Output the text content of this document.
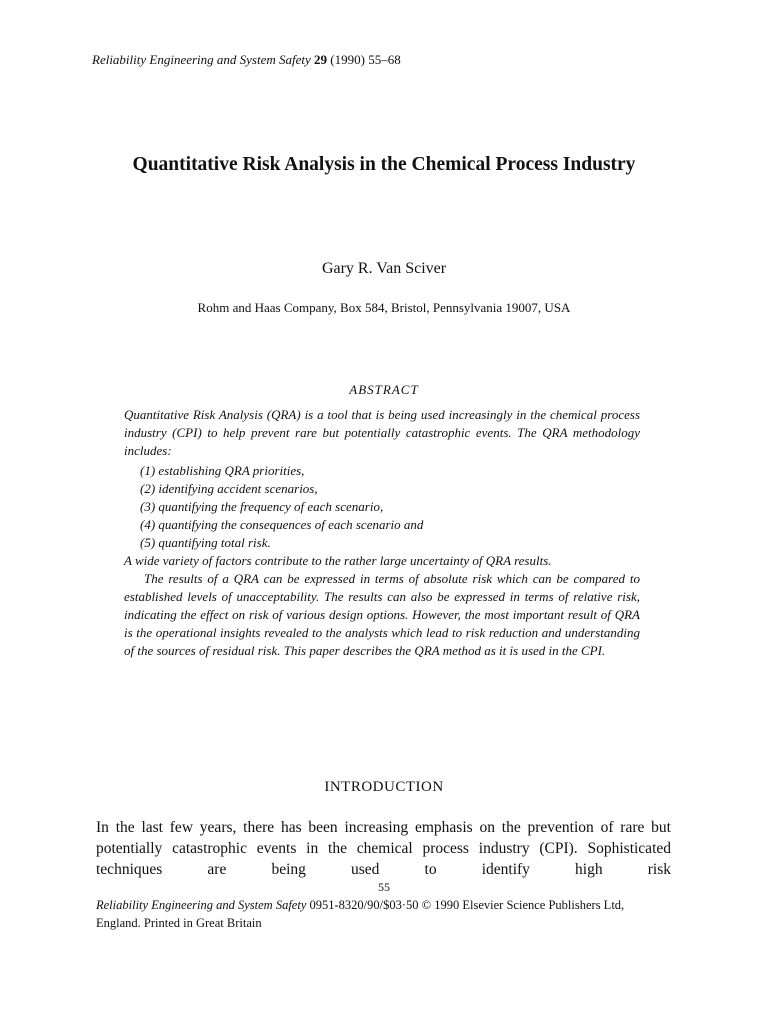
Reliability Engineering and System Safety 29 (1990) 55–68
Quantitative Risk Analysis in the Chemical Process Industry
Gary R. Van Sciver
Rohm and Haas Company, Box 584, Bristol, Pennsylvania 19007, USA
ABSTRACT

Quantitative Risk Analysis (QRA) is a tool that is being used increasingly in the chemical process industry (CPI) to help prevent rare but potentially catastrophic events. The QRA methodology includes:

(1) establishing QRA priorities,
(2) identifying accident scenarios,
(3) quantifying the frequency of each scenario,
(4) quantifying the consequences of each scenario and
(5) quantifying total risk.

A wide variety of factors contribute to the rather large uncertainty of QRA results.

The results of a QRA can be expressed in terms of absolute risk which can be compared to established levels of unacceptability. The results can also be expressed in terms of relative risk, indicating the effect on risk of various design options. However, the most important result of QRA is the operational insights revealed to the analysts which lead to risk reduction and understanding of the sources of residual risk. This paper describes the QRA method as it is used in the CPI.

INTRODUCTION

In the last few years, there has been increasing emphasis on the prevention of rare but potentially catastrophic events in the chemical process industry (CPI). Sophisticated techniques are being used to identify high risk

55
Reliability Engineering and System Safety 0951-8320/90/$03·50 © 1990 Elsevier Science Publishers Ltd, England. Printed in Great Britain
